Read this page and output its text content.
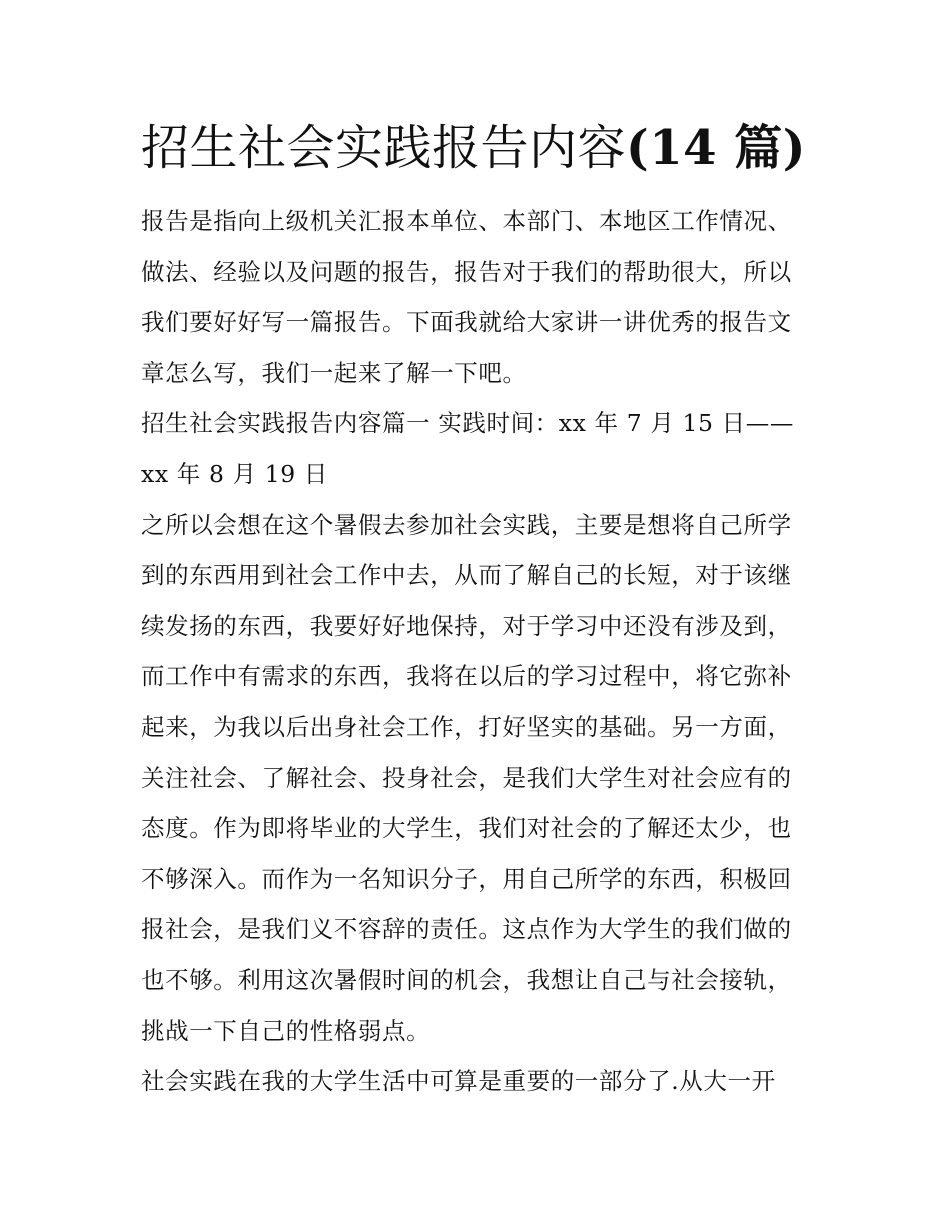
招生社会实践报告内容(14 篇)

报告是指向上级机关汇报本单位、本部门、本地区工作情况、做法、经验以及问题的报告，报告对于我们的帮助很大，所以我们要好好写一篇报告。下面我就给大家讲一讲优秀的报告文章怎么写，我们一起来了解一下吧。

招生社会实践报告内容篇一 实践时间：xx 年 7 月 15 日——xx 年 8 月 19 日

之所以会想在这个暑假去参加社会实践，主要是想将自己所学到的东西用到社会工作中去，从而了解自己的长短，对于该继续发扬的东西，我要好好地保持，对于学习中还没有涉及到，而工作中有需求的东西，我将在以后的学习过程中，将它弥补起来，为我以后出身社会工作，打好坚实的基础。另一方面，关注社会、了解社会、投身社会，是我们大学生对社会应有的态度。作为即将毕业的大学生，我们对社会的了解还太少，也不够深入。而作为一名知识分子，用自己所学的东西，积极回报社会，是我们义不容辞的责任。这点作为大学生的我们做的也不够。利用这次暑假时间的机会，我想让自己与社会接轨，挑战一下自己的性格弱点。

社会实践在我的大学生活中可算是重要的一部分了.从大一开
